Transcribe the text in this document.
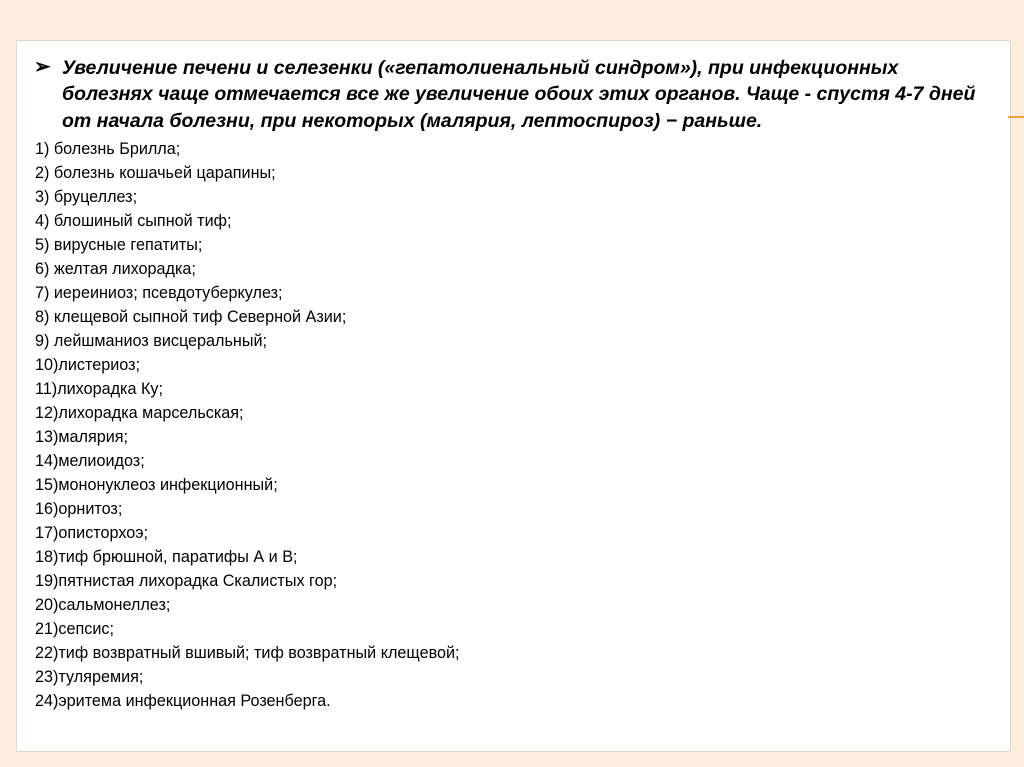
➢ Увеличение печени и селезенки («гепатолиенальный синдром»), при инфекционных болезнях чаще отмечается все же увеличение обоих этих органов. Чаще - спустя 4-7 дней от начала болезни, при некоторых (малярия, лептоспироз) − раньше.
1) болезнь Брилла;
2) болезнь кошачьей царапины;
3) бруцеллез;
4) блошиный сыпной тиф;
5) вирусные гепатиты;
6) желтая лихорадка;
7) иереиниоз; псевдотуберкулез;
8) клещевой сыпной тиф Северной Азии;
9) лейшманиоз висцеральный;
10)листериоз;
11)лихорадка Ку;
12)лихорадка марсельская;
13)малярия;
14)мелиоидоз;
15)мононуклеоз инфекционный;
16)орнитоз;
17)описторхоэ;
18)тиф брюшной, паратифы А и В;
19)пятнистая лихорадка Скалистых гор;
20)сальмонеллез;
21)сепсис;
22)тиф возвратный вшивый; тиф возвратный клещевой;
23)туляремия;
24)эритема инфекционная Розенберга.
